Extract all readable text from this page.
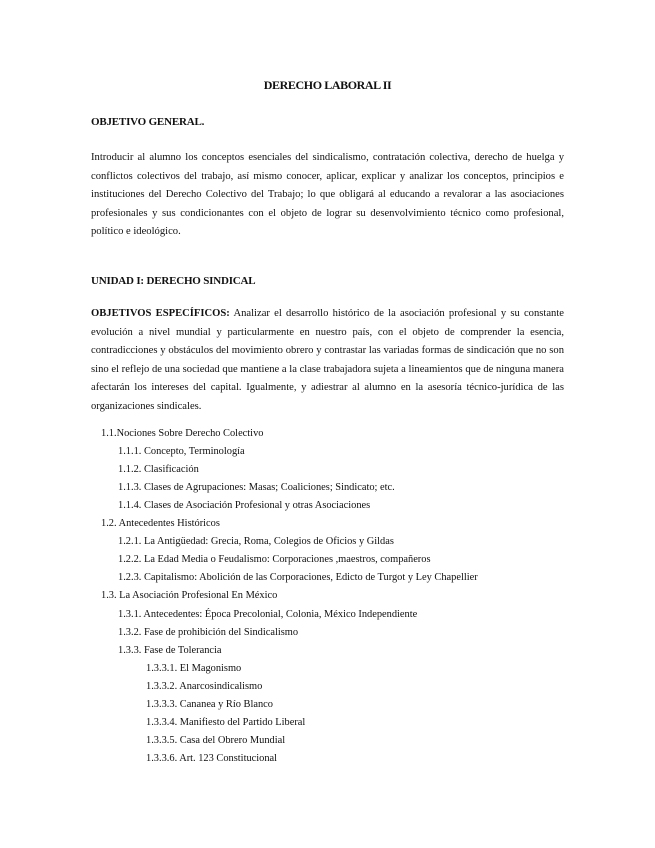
DERECHO LABORAL II
OBJETIVO GENERAL.

Introducir al alumno los conceptos esenciales del sindicalismo, contratación colectiva, derecho de huelga y conflictos colectivos del trabajo, así mismo conocer, aplicar, explicar y analizar los conceptos, principios e instituciones del Derecho Colectivo del Trabajo; lo que obligará al educando a revalorar a las asociaciones profesionales y sus condicionantes con el objeto de lograr su desenvolvimiento técnico como profesional, político e ideológico.

UNIDAD I: DERECHO SINDICAL

OBJETIVOS ESPECÍFICOS: Analizar el desarrollo histórico de la asociación profesional y su constante evolución a nivel mundial y particularmente en nuestro país, con el objeto de comprender la esencia, contradicciones y obstáculos del movimiento obrero y contrastar las variadas formas de sindicación que no son sino el reflejo de una sociedad que mantiene a la clase trabajadora sujeta a lineamientos que de ninguna manera afectarán los intereses del capital. Igualmente, y adiestrar al alumno en la asesoría técnico-jurídica de las organizaciones sindicales.

1.1.Nociones Sobre Derecho Colectivo
1.1.1. Concepto, Terminología
1.1.2. Clasificación
1.1.3. Clases de Agrupaciones: Masas; Coaliciones; Sindicato; etc.
1.1.4. Clases de Asociación Profesional y otras Asociaciones
1.2. Antecedentes Históricos
1.2.1. La Antigüedad: Grecia, Roma, Colegios de Oficios y Gildas
1.2.2. La Edad Media o Feudalismo: Corporaciones ,maestros, compañeros
1.2.3. Capitalismo: Abolición de las Corporaciones, Edicto de Turgot y Ley Chapellier
1.3. La Asociación Profesional En México
1.3.1. Antecedentes: Época Precolonial, Colonia, México Independiente
1.3.2. Fase de prohibición del Sindicalismo
1.3.3. Fase de Tolerancia
1.3.3.1. El Magonismo
1.3.3.2. Anarcosindicalismo
1.3.3.3. Cananea y Río Blanco
1.3.3.4. Manifiesto del Partido Liberal
1.3.3.5. Casa del Obrero Mundial
1.3.3.6. Art. 123 Constitucional
